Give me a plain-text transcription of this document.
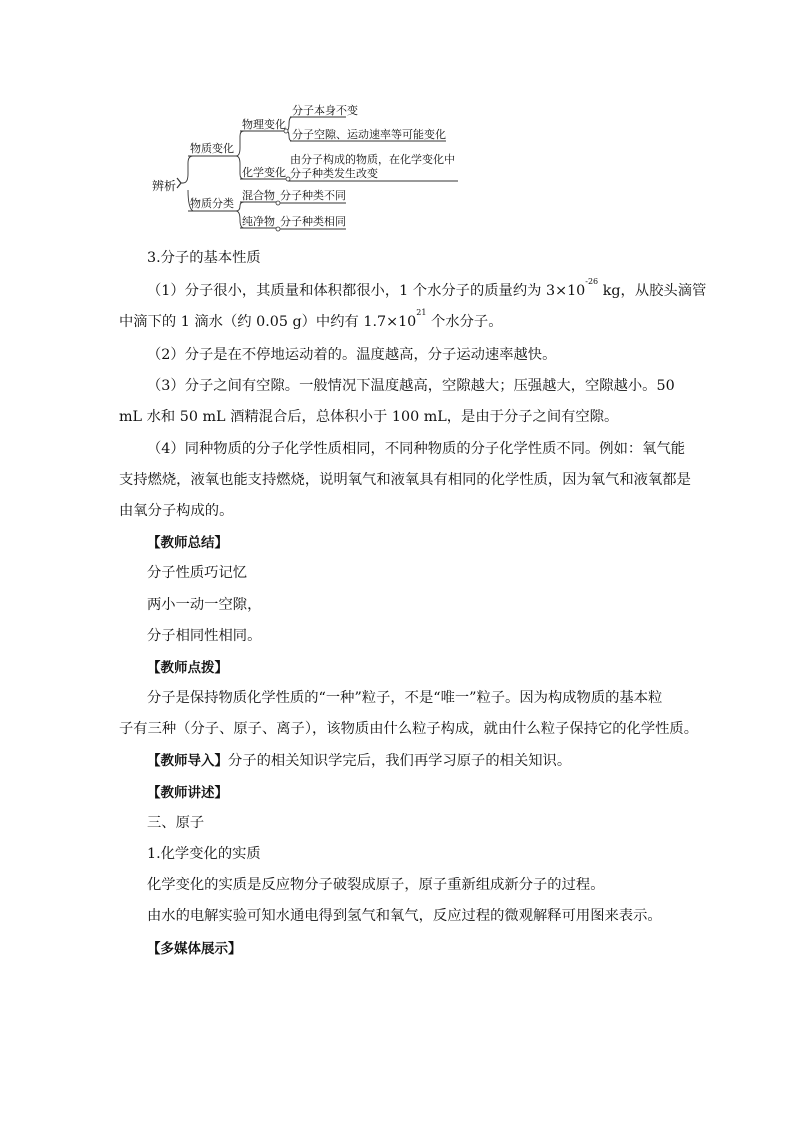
辨析
物质变化
物理变化
分子本身不变
分子空隙、运动速率等可能变化
化学变化
由分子构成的物质，在化学变化中
分子种类发生改变
物质分类
混合物 分子种类不同
纯净物 分子种类相同
3.分子的基本性质
（1）分子很小，其质量和体积都很小，1 个水分子的质量约为 $3\times 10^{-26}$ kg，从胶头滴管
中滴下的 1 滴水（约 0.05 g）中约有 $1.7\times 10^{21}$ 个水分子。
（2）分子是在不停地运动着的。温度越高，分子运动速率越快。
（3）分子之间有空隙。一般情况下温度越高，空隙越大；压强越大，空隙越小。50
mL 水和 50 mL 酒精混合后，总体积小于 100 mL，是由于分子之间有空隙。
（4）同种物质的分子化学性质相同，不同种物质的分子化学性质不同。例如：氧气能
支持燃烧，液氧也能支持燃烧，说明氧气和液氧具有相同的化学性质，因为氧气和液氧都是
由氧分子构成的。
【教师总结】
分子性质巧记忆
两小一动一空隙，
分子相同性相同。
【教师点拨】
分子是保持物质化学性质的“一种”粒子，不是“唯一”粒子。因为构成物质的基本粒
子有三种（分子、原子、离子），该物质由什么粒子构成，就由什么粒子保持它的化学性质。
【教师导入】分子的相关知识学完后，我们再学习原子的相关知识。
【教师讲述】
三、原子
1.化学变化的实质
化学变化的实质是反应物分子破裂成原子，原子重新组成新分子的过程。
由水的电解实验可知水通电得到氢气和氧气，反应过程的微观解释可用图来表示。
【多媒体展示】
